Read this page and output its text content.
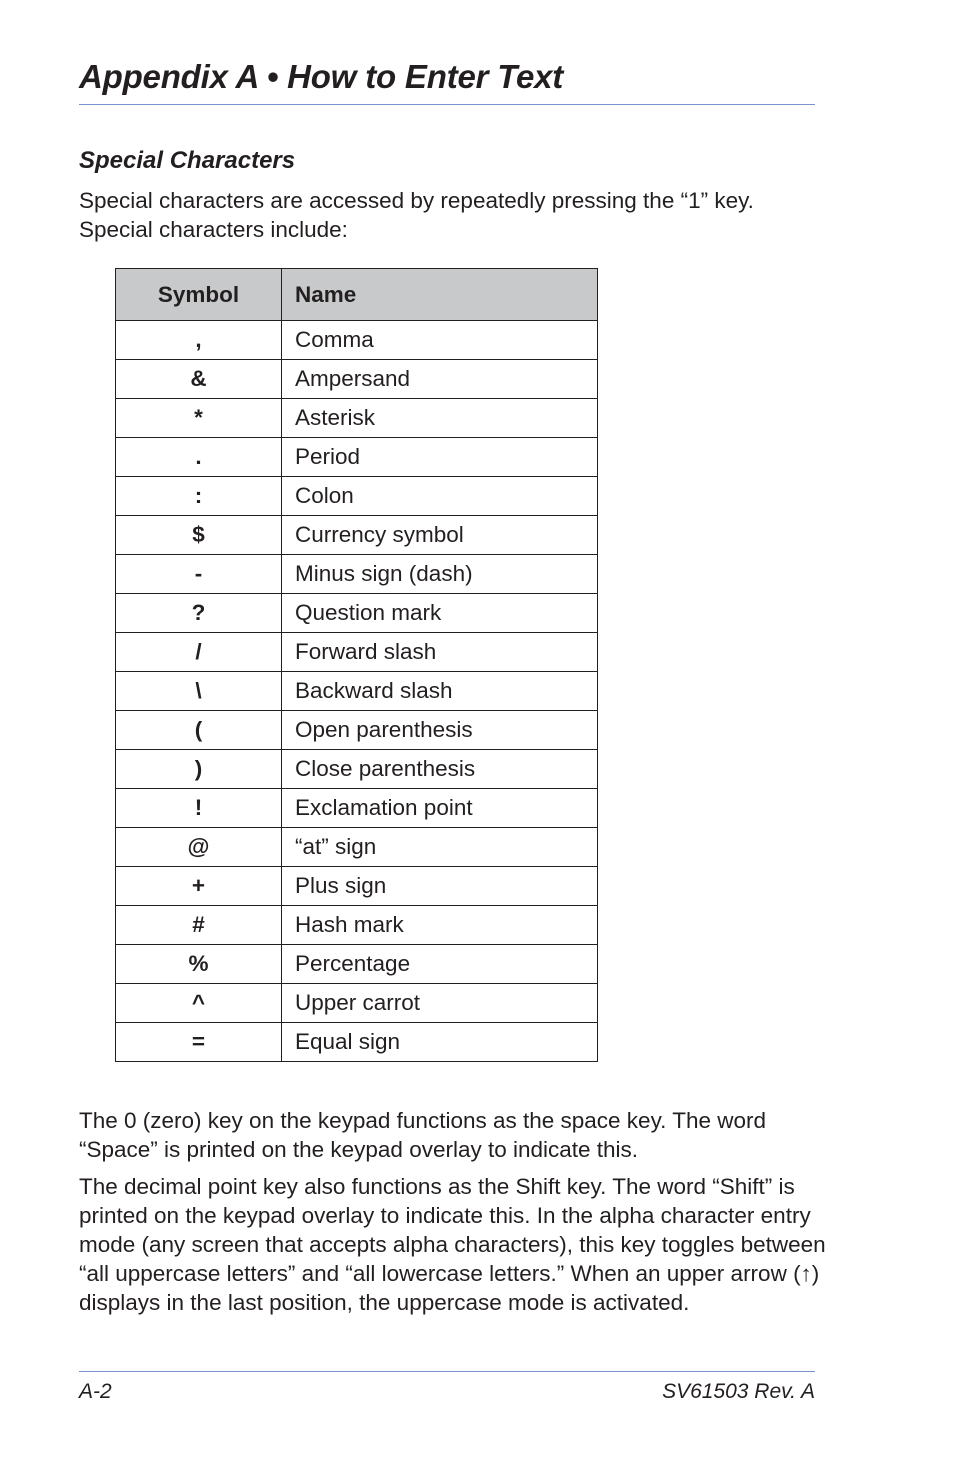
Appendix A • How to Enter Text
Special Characters

Special characters are accessed by repeatedly pressing the “1” key. Special characters include:

Symbol	Name
,	Comma
&	Ampersand
*	Asterisk
.	Period
:	Colon
$	Currency symbol
-	Minus sign (dash)
?	Question mark
/	Forward slash
\	Backward slash
(	Open parenthesis
)	Close parenthesis
!	Exclamation point
@	“at” sign
+	Plus sign
#	Hash mark
%	Percentage
^	Upper carrot
=	Equal sign

The 0 (zero) key on the keypad functions as the space key. The word “Space” is printed on the keypad overlay to indicate this.

The decimal point key also functions as the Shift key. The word “Shift” is printed on the keypad overlay to indicate this. In the alpha character entry mode (any screen that accepts alpha characters), this key toggles between “all uppercase letters” and “all lowercase letters.” When an upper arrow (↑) displays in the last position, the uppercase mode is activated.

A-2	SV61503 Rev. A
